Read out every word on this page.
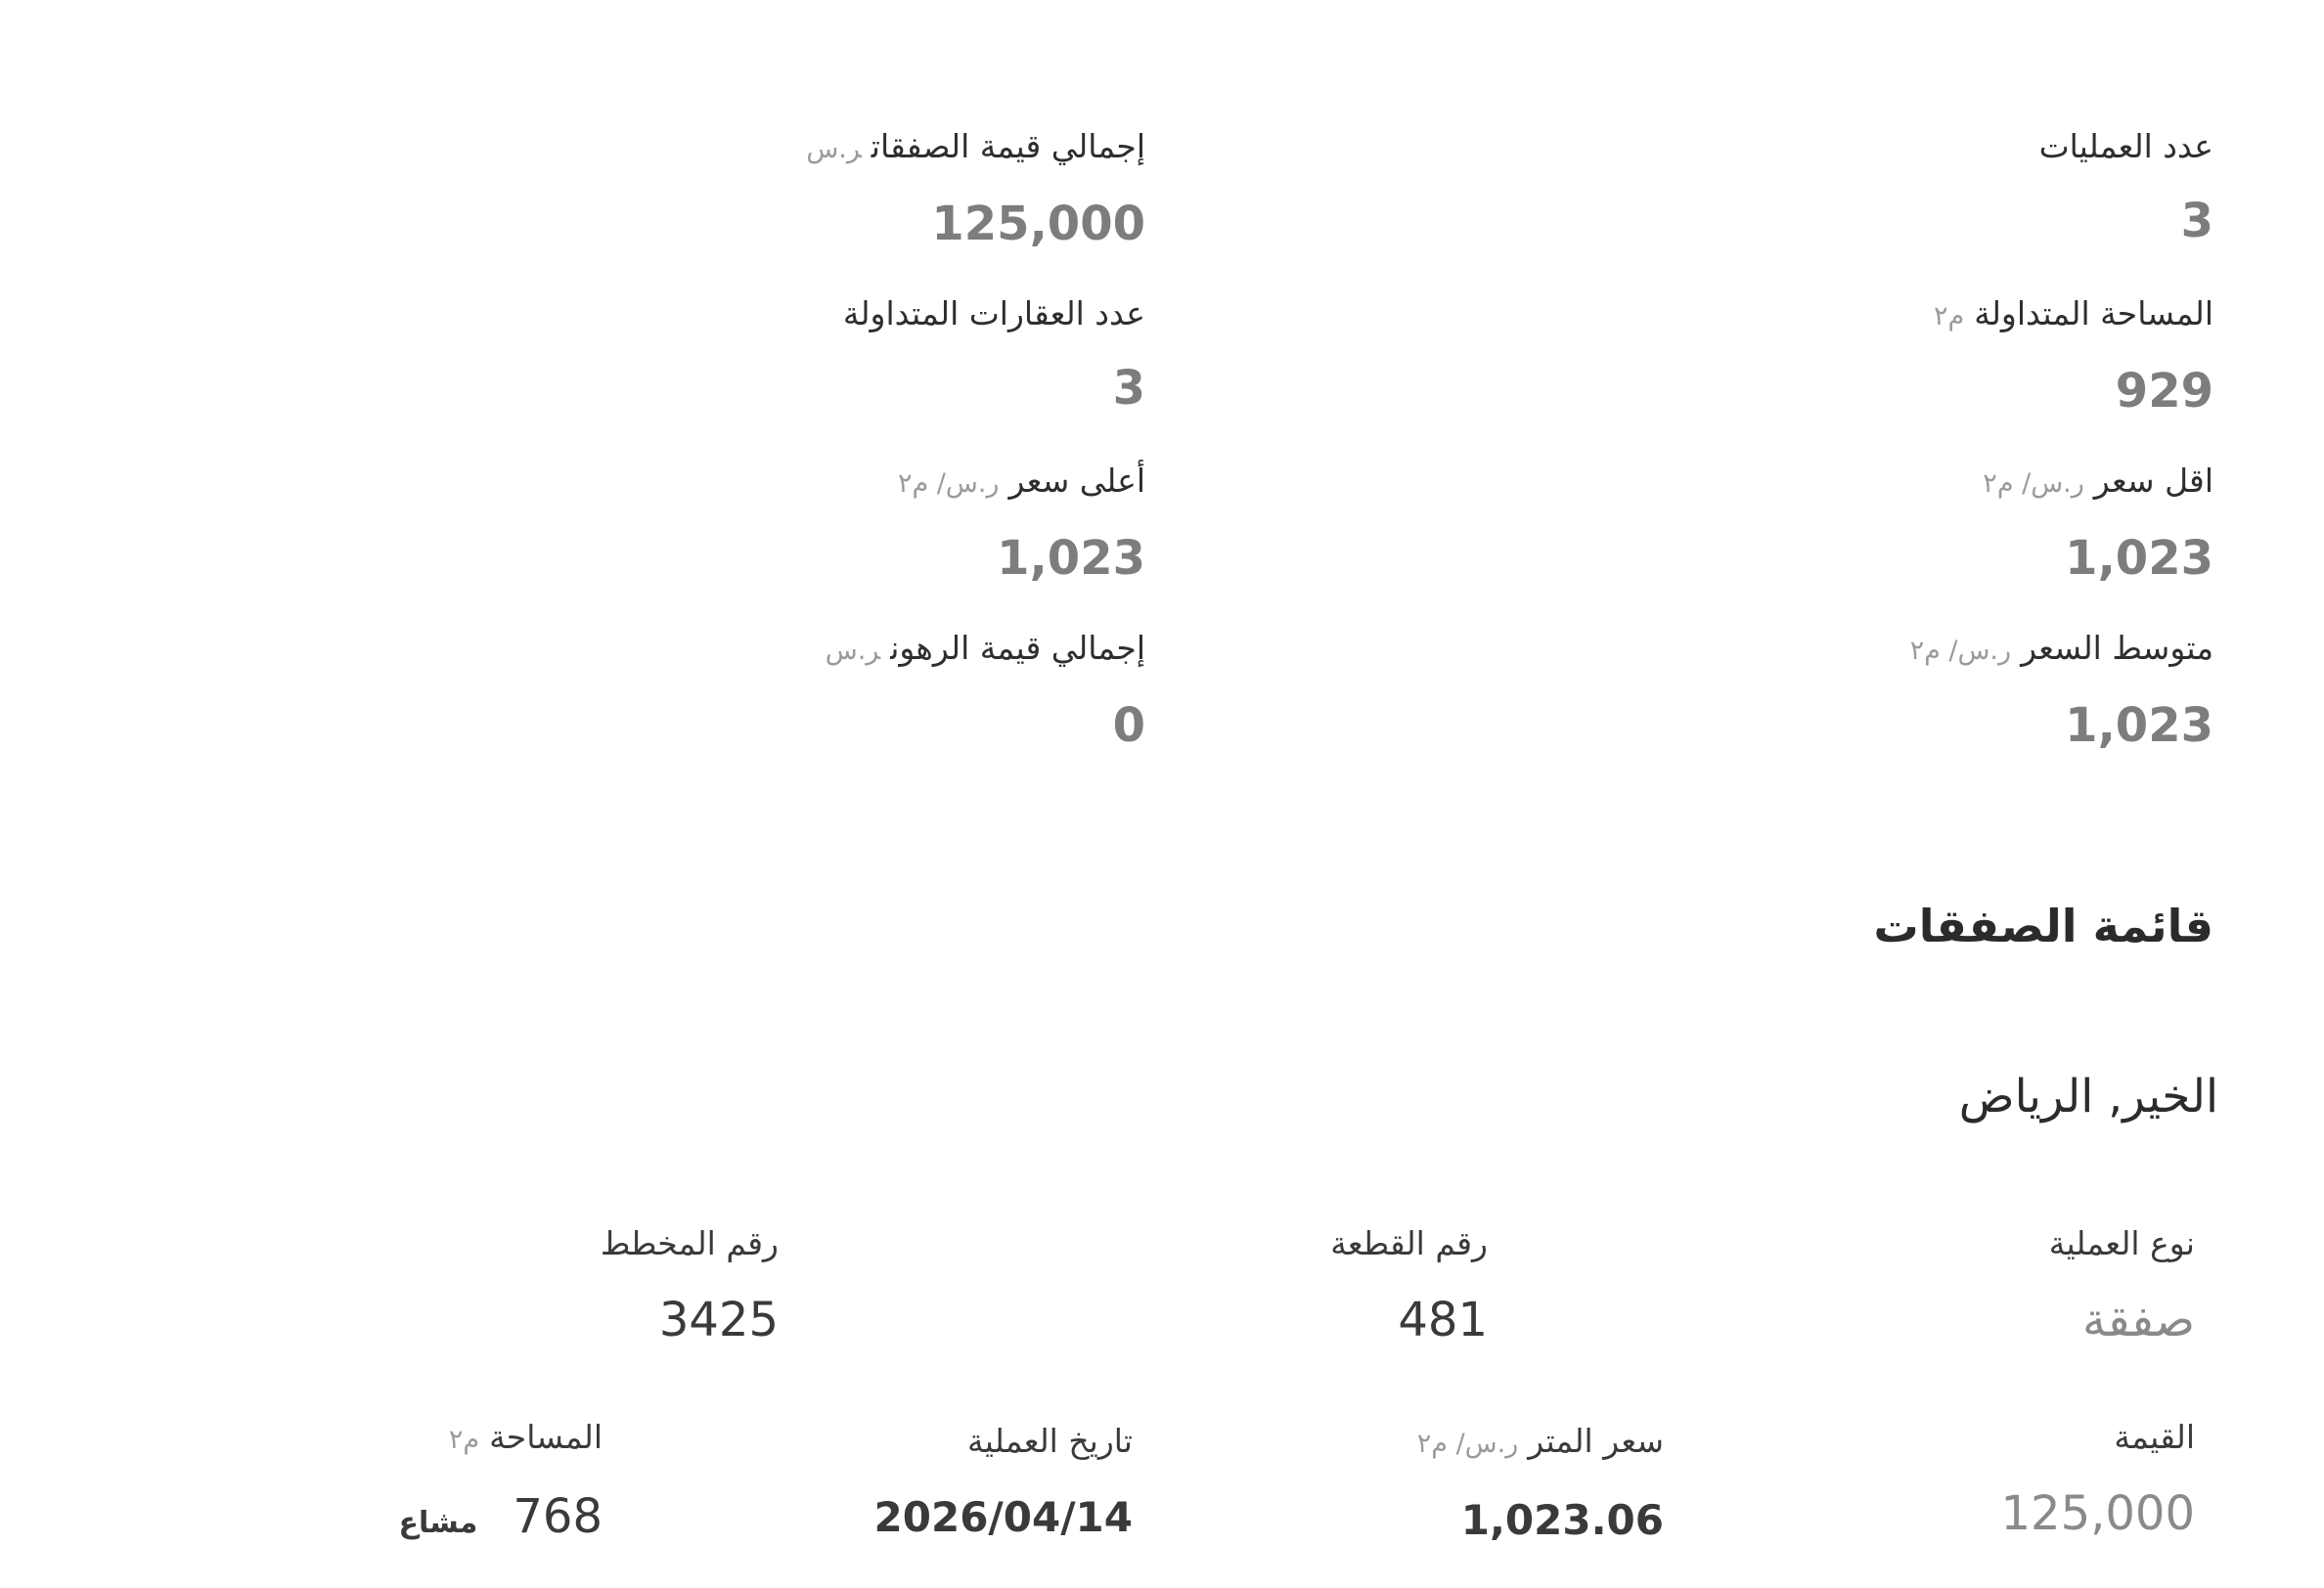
عدد العمليات
3
إجمالي قيمة الصفقاتر.س
125,000
المساحة المتداولةم٢
929
عدد العقارات المتداولة
3
اقل سعرر.س/ م٢
1,023
أعلى سعرر.س/ م٢
1,023
متوسط السعرر.س/ م٢
1,023
إجمالي قيمة الرهونر.س
0
قائمة الصفقات
الخير, الرياض
نوع العملية
صفقة
رقم القطعة
481
رقم المخطط
3425
القيمة
125,000
سعر المترر.س/ م٢
1,023.06
تاريخ العملية
2026/04/14
المساحةم٢
768
مشاع
